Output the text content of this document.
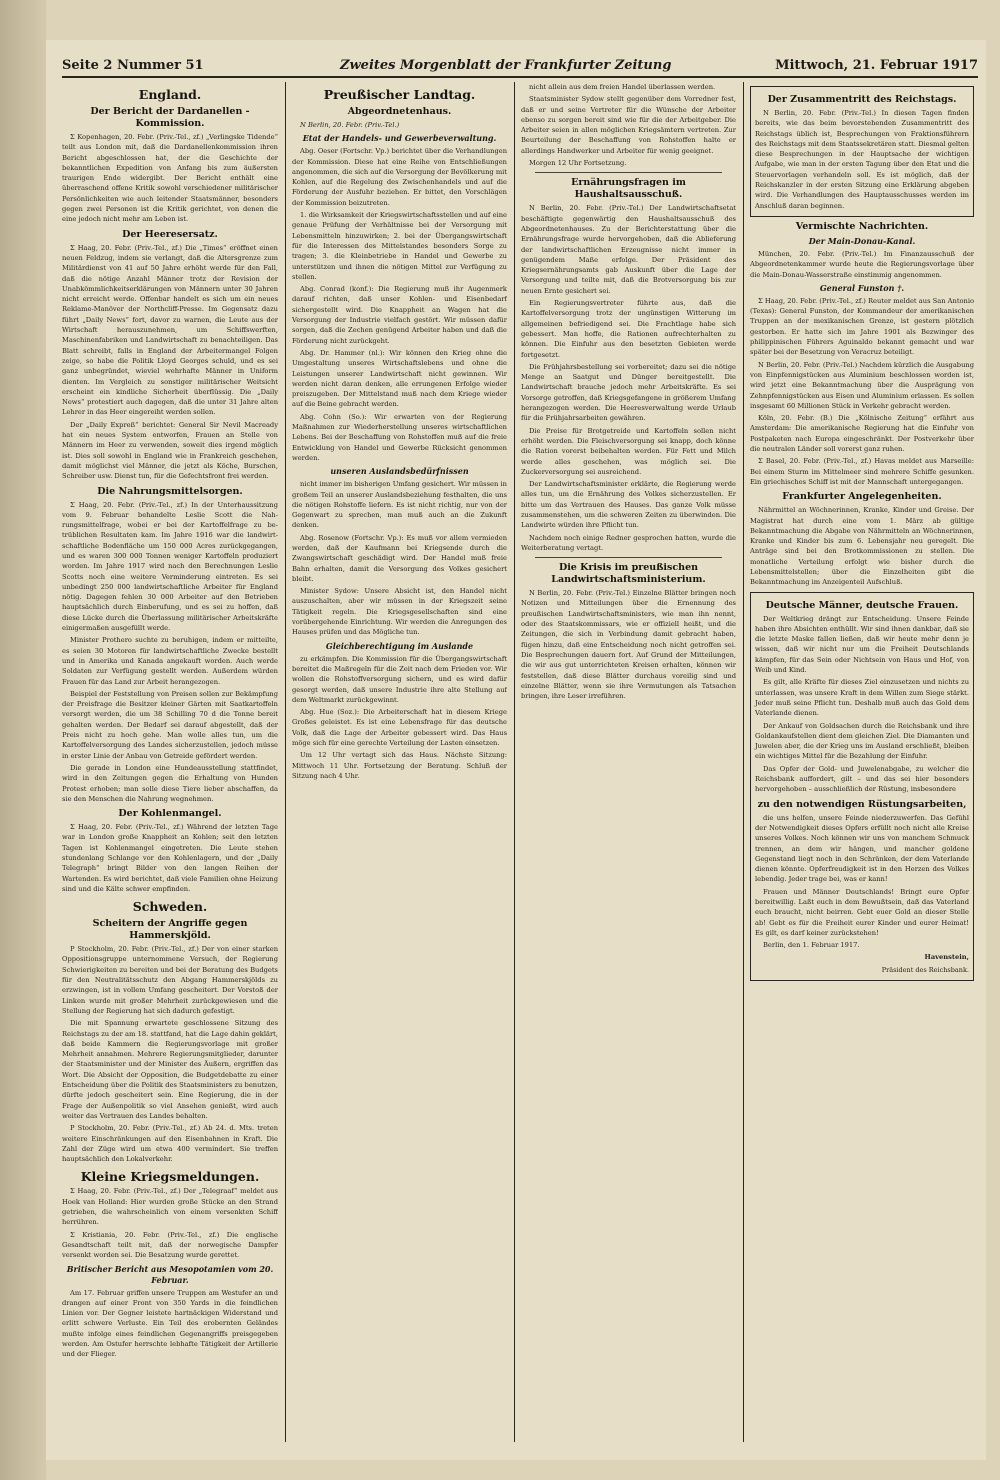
Seite 2 Nummer 51	Zweites Morgenblatt der Frankfurter Zeitung	Mittwoch, 21. Februar 1917
England.
Der Bericht der Dardanellen - Kommission.

Σ Kopenhagen, 20. Febr. (Priv.-Tel., zf.) „Verlingske Tidende“ teilt aus London mit, daß die Dardanellenkommission ihren Bericht abgeschlossen hat, der die Geschichte der bekanntlichen Expedition von Anfang bis zum äußersten traurigen Ende widergibt. Der Bericht enthält eine überraschend offene Kritik sowohl verschiedener militärischer Persönlichkeiten wie auch leitender Staatsmänner, besonders gegen zwei Personen ist die Kritik gerichtet, von denen die eine jedoch nicht mehr am Leben ist.

Der Heeresersatz.

Σ Haag, 20. Febr. (Priv.-Tel., zf.) Die „Times“ eröffnet einen neuen Feldzug, indem sie verlangt, daß die Altersgrenze zum Militärdienst von 41 auf 50 Jahre erhöht werde für den Fall, daß die nötige Anzahl Männer trotz der Revision der Unabkömmlichkeitserklärungen von Männern unter 30 Jahren nicht erreicht werde. Offenbar handelt es sich um ein neues Reklame-Manöver der Northcliff-Presse. Im Gegensatz dazu führt „Daily News“ fort, davor zu warnen, die Leute aus der Wirtschaft herauszunehmen, um Schiffswerften, Maschinenfabriken und Landwirtschaft zu benachteiligen. Das Blatt schreibt, falls in England der Arbeitermangel Folgen zeige, so habe die Politik Lloyd Georges schuld, und es sei ganz unbegründet, wieviel wehrhafte Männer in Uniform dienten. Im Vergleich zu sonstiger militärischer Weitsicht erscheint ein kindliche Sicherheit überflüssig. Die „Daily News“ protestiert auch dagegen, daß die unter 31 Jahre alten Lehrer in das Heer eingereiht werden sollen.

Der „Daily Expreß“ berichtet: General Sir Nevil Macready hat ein neues System entworfen, Frauen an Stelle von Männern im Heer zu verwenden, soweit dies irgend möglich ist. Dies soll sowohl in England wie in Frankreich geschehen, damit möglichst viel Männer, die jetzt als Köche, Burschen, Schreiber usw. Dienst tun, für die Gefechtsfront frei werden.

Die Nahrungsmittelsorgen.

Σ Haag, 20. Febr. (Priv.-Tel., zf.) In der Unterhaussitzung vom 9. Februar behandelte Leslie Scott die Nahrungsmittelfrage, wobei er bei der Kartoffelfrage zu betrüblichen Resultaten kam. Im Jahre 1916 war die landwirtschaftliche Bodenfläche um 150 000 Acres zurückgegangen, und es waren 300 000 Tonnen weniger Kartoffeln produziert worden. Im Jahre 1917 wird nach den Berechnungen Leslie Scotts noch eine weitere Verminderung eintreten. Es sei unbedingt 250 000 landwirtschaftliche Arbeiter für England nötig. Dagegen fehlen 30 000 Arbeiter auf den Betrieben hauptsächlich durch Einberufung, und es sei zu hoffen, daß diese Lücke durch die Überlassung militärischer Arbeitskräfte einigermaßen ausgefüllt werde.

Minister Prothero suchte zu beruhigen, indem er mitteilte, es seien 30 Motoren für landwirtschaftliche Zwecke bestellt und in Amerika und Kanada angekauft worden. Auch werde Soldaten zur Verfügung gestellt werden. Außerdem würden Frauen für das Land zur Arbeit herangezogen.

Beispiel der Feststellung von Preisen sollen zur Bekämpfung der Preisfrage die Besitzer kleiner Gärten mit Saatkartoffeln versorgt werden, die um 38 Schilling 70 d die Tonne bereit gehalten werden. Der Bedarf sei darauf abgestellt, daß der Preis nicht zu hoch gehe. Man wolle alles tun, um die Kartoffelversorgung des Landes sicherzustellen, jedoch müsse in erster Linie der Anbau von Getreide gefördert werden.

Die gerade in London eine Hundeausstellung stattfindet, wird in den Zeitungen gegen die Erhaltung von Hunden Protest erhoben; man solle diese Tiere lieber abschaffen, da sie den Menschen die Nahrung wegnehmen.

Der Kohlenmangel.

Σ Haag, 20. Febr. (Priv.-Tel., zf.) Während der letzten Tage war in London große Knappheit an Kohlen; seit den letzten Tagen ist Kohlenmangel eingetreten. Die Leute stehen stundenlang Schlange vor den Kohlenlagern, und der „Daily Telegraph“ bringt Bilder von den langen Reihen der Wartenden. Es wird berichtet, daß viele Familien ohne Heizung sind und die Kälte schwer empfinden.

Schweden.
Scheitern der Angriffe gegen Hammerskjöld.

P Stockholm, 20. Febr. (Priv.-Tel., zf.) Der von einer starken Oppositionsgruppe unternommene Versuch, der Regierung Schwierigkeiten zu bereiten und bei der Beratung des Budgets für den Neutralitätsschutz den Abgang Hammerskjölds zu erzwingen, ist in vollem Umfang gescheitert. Der Vorstoß der Linken wurde mit großer Mehrheit zurückgewiesen und die Stellung der Regierung hat sich dadurch gefestigt.

Die mit Spannung erwartete geschlossene Sitzung des Reichstags zu der am 18. stattfand, hat die Lage dahin geklärt, daß beide Kammern die Regierungsvorlage mit großer Mehrheit annahmen. Mehrere Regierungsmitglieder, darunter der Staatsminister und der Minister des Äußern, ergriffen das Wort. Die Absicht der Opposition, die Budgetdebatte zu einer Entscheidung über die Politik des Staatsministers zu benutzen, dürfte jedoch gescheitert sein. Eine Regierung, die in der Frage der Außenpolitik so viel Ansehen genießt, wird auch weiter das Vertrauen des Landes behalten.

P Stockholm, 20. Febr. (Priv.-Tel., zf.) Ab 24. d. Mts. treten weitere Einschränkungen auf den Eisenbahnen in Kraft. Die Zahl der Züge wird um etwa 400 vermindert. Sie treffen hauptsächlich den Lokalverkehr.

Kleine Kriegsmeldungen.

Σ Haag, 20. Febr. (Priv.-Tel., zf.) Der „Telegraaf“ meldet aus Hoek van Holland: Hier wurden große Stücke an den Strand getrieben, die wahrscheinlich von einem versenkten Schiff herrühren.

Σ Kristiania, 20. Febr. (Priv.-Tel., zf.) Die englische Gesandtschaft teilt mit, daß der norwegische Dampfer versenkt worden sei. Die Besatzung wurde gerettet.

Britischer Bericht aus Mesopotamien vom 20. Februar.

Am 17. Februar griffen unsere Truppen am Westufer an und drangen auf einer Front von 350 Yards in die feindlichen Linien vor. Der Gegner leistete hartnäckigen Widerstand und erlitt schwere Verluste. Ein Teil des erobernten Geländes mußte infolge eines feindlichen Gegenangriffs preisgegeben werden. Am Ostufer herrschte lebhafte Tätigkeit der Artillerie und der Flieger.

Preußischer Landtag.
Abgeordnetenhaus.

N Berlin, 20. Febr. (Priv.-Tel.)

Etat der Handels- und Gewerbeverwaltung.

Abg. Oeser (Fortschr. Vp.) berichtet über die Verhandlungen der Kommission. Diese hat eine Reihe von Entschließungen angenommen, die sich auf die Versorgung der Bevölkerung mit Kohlen, auf die Regelung des Zwischenhandels und auf die Förderung der Ausfuhr beziehen. Er bittet, den Vorschlägen der Kommission beizutreten.

1. die Wirksamkeit der Kriegswirtschaftsstellen und auf eine genaue Prüfung der Verhältnisse bei der Versorgung mit Lebensmitteln hinzuwirken; 2. bei der Übergangswirtschaft für die Interessen des Mittelstandes besonders Sorge zu tragen; 3. die Kleinbetriebe in Handel und Gewerbe zu unterstützen und ihnen die nötigen Mittel zur Verfügung zu stellen.

Abg. Conrad (konf.): Die Regierung muß ihr Augenmerk darauf richten, daß unser Kohlen- und Eisenbedarf sichergestellt wird. Die Knappheit an Wagen hat die Versorgung der Industrie vielfach gestört. Wir müssen dafür sorgen, daß die Zechen genügend Arbeiter haben und daß die Förderung nicht zurückgeht.

Abg. Dr. Hammer (nl.): Wir können den Krieg ohne die Umgestaltung unseres Wirtschaftslebens und ohne die Leistungen unserer Landwirtschaft nicht gewinnen. Wir werden nicht daran denken, alle errungenen Erfolge wieder preiszugeben. Der Mittelstand muß nach dem Kriege wieder auf die Beine gebracht werden.

Abg. Cohn (So.): Wir erwarten von der Regierung Maßnahmen zur Wiederherstellung unseres wirtschaftlichen Lebens. Bei der Beschaffung von Rohstoffen muß auf die freie Entwicklung von Handel und Gewerbe Rücksicht genommen werden.

unseren Auslandsbedürfnissen

nicht immer im bisherigen Umfang gesichert. Wir müssen in großem Teil an unserer Auslandsbeziehung festhalten, die uns die nötigen Rohstoffe liefern. Es ist nicht richtig, nur von der Gegenwart zu sprechen, man muß auch an die Zukunft denken.

Abg. Rosenow (Fortschr. Vp.): Es muß vor allem vermieden werden, daß der Kaufmann bei Kriegsende durch die Zwangswirtschaft geschädigt wird. Der Handel muß freie Bahn erhalten, damit die Versorgung des Volkes gesichert bleibt.

Minister Sydow: Unsere Absicht ist, den Handel nicht auszuschalten, aber wir müssen in der Kriegszeit seine Tätigkeit regeln. Die Kriegsgesellschaften sind eine vorübergehende Einrichtung. Wir werden die Anregungen des Hauses prüfen und das Mögliche tun.

Gleichberechtigung im Auslande

zu erkämpfen. Die Kommission für die Übergangswirtschaft bereitet die Maßregeln für die Zeit nach dem Frieden vor. Wir wollen die Rohstoffversorgung sichern, und es wird dafür gesorgt werden, daß unsere Industrie ihre alte Stellung auf dem Weltmarkt zurückgewinnt.

Abg. Hue (Soz.): Die Arbeiterschaft hat in diesem Kriege Großes geleistet. Es ist eine Lebensfrage für das deutsche Volk, daß die Lage der Arbeiter gebessert wird. Das Haus möge sich für eine gerechte Verteilung der Lasten einsetzen.

Um 12 Uhr vertagt sich das Haus. Nächste Sitzung: Mittwoch 11 Uhr. Fortsetzung der Beratung. Schluß der Sitzung nach 4 Uhr.

nicht allein aus dem freien Handel überlassen werden.

Staatsminister Sydow stellt gegenüber dem Vorredner fest, daß er und seine Vertreter für die Wünsche der Arbeiter ebenso zu sorgen bereit sind wie für die der Arbeitgeber. Die Arbeiter seien in allen möglichen Kriegsämtern vertreten. Zur Beurteilung der Beschaffung von Rohstoffen halte er allerdings Handwerker und Arbeiter für wenig geeignet.

Morgen 12 Uhr Fortsetzung.

Ernährungsfragen im Haushaltsausschuß.

N Berlin, 20. Febr. (Priv.-Tel.) Der Landwirtschaftsetat beschäftigte gegenwärtig den Haushaltsausschuß des Abgeordnetenhauses. Zu der Berichterstattung über die Ernährungsfrage wurde hervorgehoben, daß die Ablieferung der landwirtschaftlichen Erzeugnisse nicht immer in genügendem Maße erfolge. Der Präsident des Kriegsernährungsamts gab Auskunft über die Lage der Versorgung und teilte mit, daß die Brotversorgung bis zur neuen Ernte gesichert sei.

Ein Regierungsvertreter führte aus, daß die Kartoffelversorgung trotz der ungünstigen Witterung im allgemeinen befriedigend sei. Die Frachtlage habe sich gebessert. Man hoffe, die Rationen aufrechterhalten zu können. Die Einfuhr aus den besetzten Gebieten werde fortgesetzt.

Die Frühjahrsbestellung sei vorbereitet; dazu sei die nötige Menge an Saatgut und Dünger bereitgestellt. Die Landwirtschaft brauche jedoch mehr Arbeitskräfte. Es sei Vorsorge getroffen, daß Kriegsgefangene in größerem Umfang herangezogen werden. Die Heeresverwaltung werde Urlaub für die Frühjahrsarbeiten gewähren.

Die Preise für Brotgetreide und Kartoffeln sollen nicht erhöht werden. Die Fleischversorgung sei knapp, doch könne die Ration vorerst beibehalten werden. Für Fett und Milch werde alles geschehen, was möglich sei. Die Zuckerversorgung sei ausreichend.

Der Landwirtschaftsminister erklärte, die Regierung werde alles tun, um die Ernährung des Volkes sicherzustellen. Er bitte um das Vertrauen des Hauses. Das ganze Volk müsse zusammenstehen, um die schweren Zeiten zu überwinden. Die Landwirte würden ihre Pflicht tun.

Nachdem noch einige Redner gesprochen hatten, wurde die Weiterberatung vertagt.

Die Krisis im preußischen Landwirtschaftsministerium.

N Berlin, 20. Febr. (Priv.-Tel.) Einzelne Blätter bringen noch Notizen und Mitteilungen über die Ernennung des preußischen Landwirtschaftsministers, wie man ihn nennt, oder des Staatskommissars, wie er offiziell heißt, und die Zeitungen, die sich in Verbindung damit gebracht haben, fügen hinzu, daß eine Entscheidung noch nicht getroffen sei. Die Besprechungen dauern fort. Auf Grund der Mitteilungen, die wir aus gut unterrichteten Kreisen erhalten, können wir feststellen, daß diese Blätter durchaus voreilig sind und einzelne Blätter, wenn sie ihre Vermutungen als Tatsachen bringen, ihre Leser irreführen.

Der Zusammentritt des Reichstags.

N Berlin, 20. Febr. (Priv.-Tel.) In diesen Tagen finden bereits, wie das beim bevorstehenden Zusammentritt des Reichstags üblich ist, Besprechungen von Fraktionsführern des Reichstags mit dem Staatssekretären statt. Diesmal gelten diese Besprechungen in der Hauptsache der wichtigen Aufgabe, wie man in der ersten Tagung über den Etat und die Steuervorlagen verhandeln soll. Es ist möglich, daß der Reichskanzler in der ersten Sitzung eine Erklärung abgeben wird. Die Verhandlungen des Hauptausschusses werden im Anschluß daran beginnen.

Vermischte Nachrichten.
Der Main-Donau-Kanal.

München, 20. Febr. (Priv.-Tel.) Im Finanzausschuß der Abgeordnetenkammer wurde heute die Regierungsvorlage über die Main-Donau-Wasserstraße einstimmig angenommen.

General Funston †.

Σ Haag, 20. Febr. (Priv.-Tel., zf.) Reuter meldet aus San Antonio (Texas): General Funston, der Kommandeur der amerikanischen Truppen an der mexikanischen Grenze, ist gestern plötzlich gestorben. Er hatte sich im Jahre 1901 als Bezwinger des philippinischen Führers Aguinaldo bekannt gemacht und war später bei der Besetzung von Veracruz beteiligt.

N Berlin, 20. Febr. (Priv.-Tel.) Nachdem kürzlich die Ausgabung von Einpfennigstücken aus Aluminium beschlossen worden ist, wird jetzt eine Bekanntmachung über die Ausprägung von Zehnpfennigstücken aus Eisen und Aluminium erlassen. Es sollen insgesamt 60 Millionen Stück in Verkehr gebracht werden.

Köln, 20. Febr. (B.) Die „Kölnische Zeitung“ erfährt aus Amsterdam: Die amerikanische Regierung hat die Einfuhr von Postpaketen nach Europa eingeschränkt. Der Postverkehr über die neutralen Länder soll vorerst ganz ruhen.

Σ Basel, 20. Febr. (Priv.-Tel., zf.) Havas meldet aus Marseille: Bei einem Sturm im Mittelmeer sind mehrere Schiffe gesunken. Ein griechisches Schiff ist mit der Mannschaft untergegangen.

Frankfurter Angelegenheiten.

Nährmittel an Wöchnerinnen, Kranke, Kinder und Greise. Der Magistrat hat durch eine vom 1. März ab gültige Bekanntmachung die Abgabe von Nährmitteln an Wöchnerinnen, Kranke und Kinder bis zum 6. Lebensjahr neu geregelt. Die Anträge sind bei den Brotkommissionen zu stellen. Die monatliche Verteilung erfolgt wie bisher durch die Lebensmittelstellen; über die Einzelheiten gibt die Bekanntmachung im Anzeigenteil Aufschluß.

Deutsche Männer, deutsche Frauen.

Der Weltkrieg drängt zur Entscheidung. Unsere Feinde haben ihre Absichten enthüllt. Wir sind ihnen dankbar, daß sie die letzte Maske fallen ließen, daß wir heute mehr denn je wissen, daß wir nicht nur um die Freiheit Deutschlands kämpfen, für das Sein oder Nichtsein von Haus und Hof, von Weib und Kind.

Es gilt, alle Kräfte für dieses Ziel einzusetzen und nichts zu unterlassen, was unsere Kraft in dem Willen zum Siege stärkt. Jeder muß seine Pflicht tun. Deshalb muß auch das Gold dem Vaterlande dienen.

Der Ankauf von Goldsachen durch die Reichsbank und ihre Goldankaufstellen dient dem gleichen Ziel. Die Diamanten und Juwelen aber, die der Krieg uns im Ausland erschließt, bleiben ein wichtiges Mittel für die Bezahlung der Einfuhr.

Das Opfer der Gold- und Juwelenabgabe, zu welcher die Reichsbank auffordert, gilt – und das sei hier besonders hervorgehoben – ausschließlich der Rüstung, insbesondere

zu den notwendigen Rüstungsarbeiten,

die uns helfen, unsere Feinde niederzuwerfen. Das Gefühl der Notwendigkeit dieses Opfers erfüllt noch nicht alle Kreise unseres Volkes. Noch können wir uns von manchem Schmuck trennen, an dem wir hängen, und mancher goldene Gegenstand liegt noch in den Schränken, der dem Vaterlande dienen könnte. Opferfreudigkeit ist in den Herzen des Volkes lebendig. Jeder trage bei, was er kann!

Frauen und Männer Deutschlands! Bringt eure Opfer bereitwillig. Laßt euch in dem Bewußtsein, daß das Vaterland euch braucht, nicht beirren. Gebt euer Gold an dieser Stelle ab! Gebt es für die Freiheit eurer Kinder und eurer Heimat! Es gilt, es darf keiner zurückstehen!

Berlin, den 1. Februar 1917.

Havenstein,

Präsident des Reichsbank.
